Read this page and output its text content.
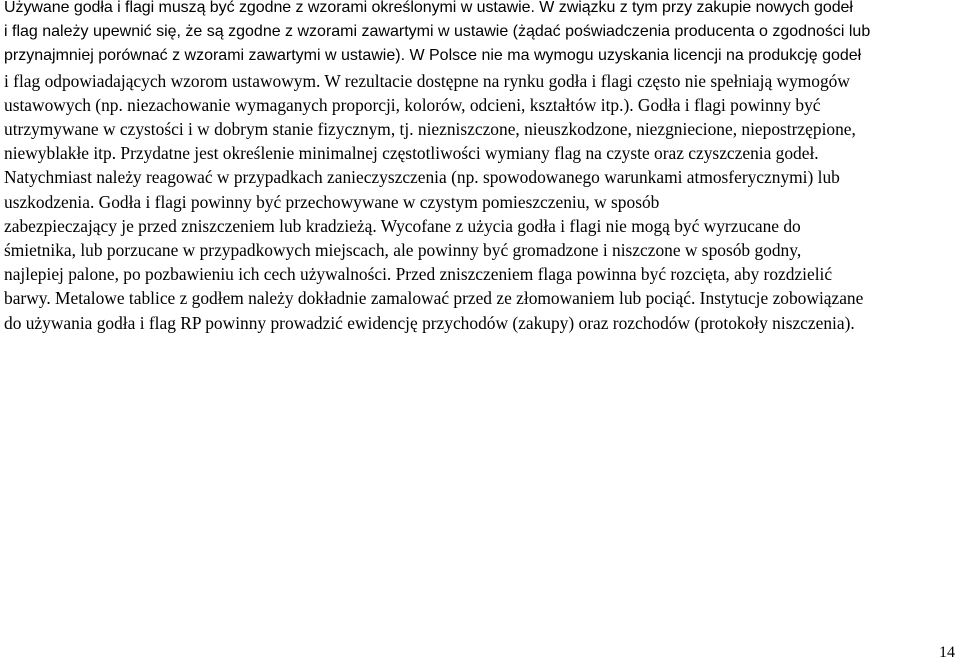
Używane godła i flagi muszą być zgodne z wzorami określonymi w ustawie. W związku z tym przy zakupie nowych godeł
i flag należy upewnić się, że są zgodne z wzorami zawartymi w ustawie (żądać poświadczenia producenta o zgodności lub
przynajmniej porównać z wzorami zawartymi w ustawie). W Polsce nie ma wymogu uzyskania licencji na produkcję godeł
i flag odpowiadających wzorom ustawowym. W rezultacie dostępne na rynku godła i flagi często nie spełniają wymogów
ustawowych (np. niezachowanie wymaganych proporcji, kolorów, odcieni, kształtów itp.). Godła i flagi powinny być
utrzymywane w czystości i w dobrym stanie fizycznym, tj. niezniszczone, nieuszkodzone, niezgniecione, niepostrzępione,
niewyblakłe itp. Przydatne jest określenie minimalnej częstotliwości wymiany flag na czyste oraz czyszczenia godeł.
Natychmiast należy reagować w przypadkach zanieczyszczenia (np. spowodowanego warunkami atmosferycznymi) lub
uszkodzenia. Godła i flagi powinny być przechowywane w czystym pomieszczeniu, w sposób
zabezpieczający je przed zniszczeniem lub kradzieżą. Wycofane z użycia godła i flagi nie mogą być wyrzucane do
śmietnika, lub porzucane w przypadkowych miejscach, ale powinny być gromadzone i niszczone w sposób godny,
najlepiej palone, po pozbawieniu ich cech używalności. Przed zniszczeniem flaga powinna być rozcięta, aby rozdzielić
barwy. Metalowe tablice z godłem należy dokładnie zamalować przed ze złomowaniem lub pociąć. Instytucje zobowiązane
do używania godła i flag RP powinny prowadzić ewidencję przychodów (zakupy) oraz rozchodów (protokoły niszczenia).

14
